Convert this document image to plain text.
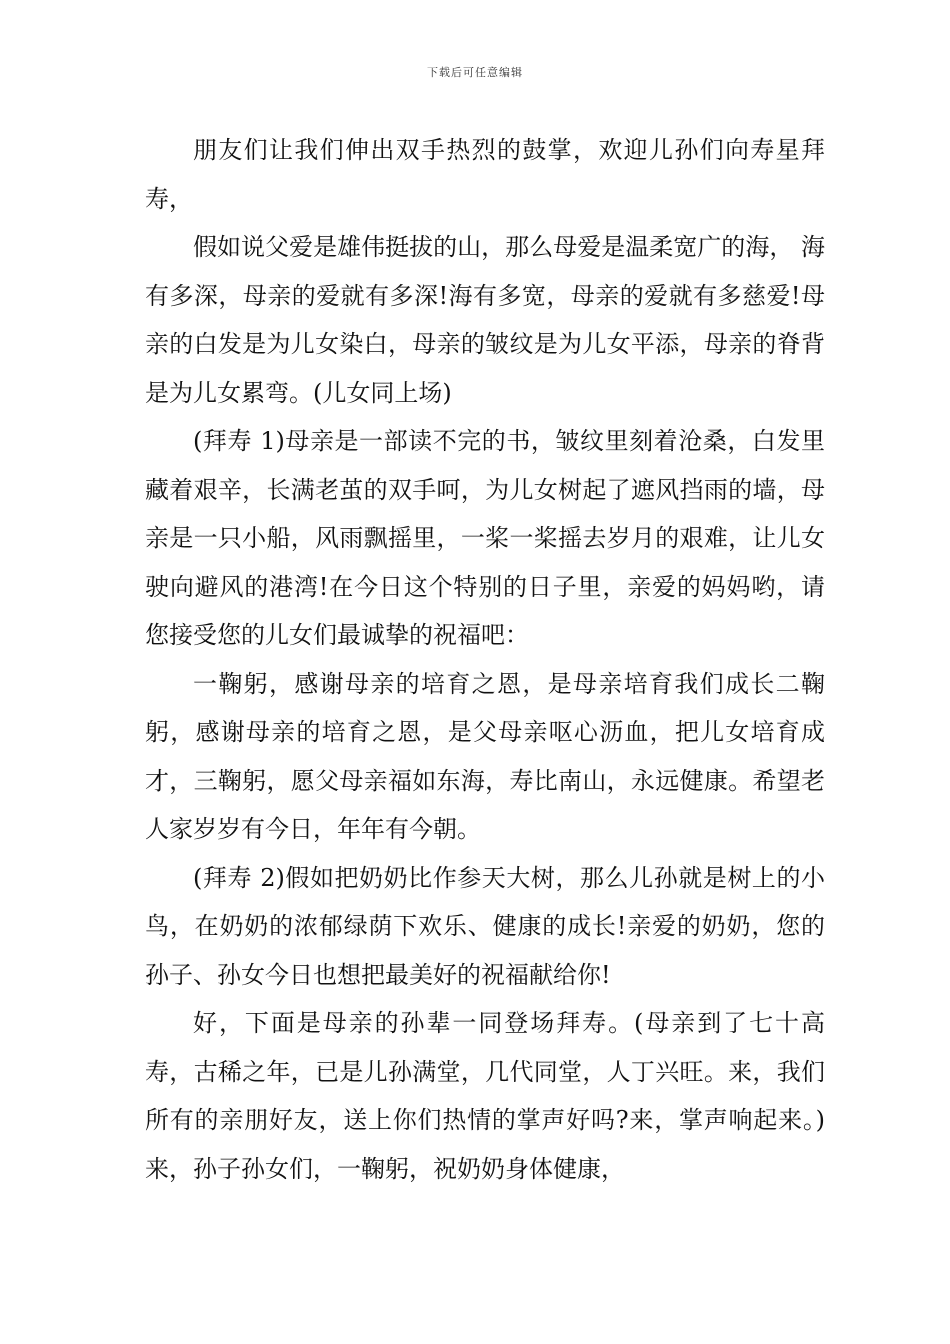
下载后可任意编辑

朋友们让我们伸出双手热烈的鼓掌，欢迎儿孙们向寿星拜寿，

假如说父爱是雄伟挺拔的山，那么母爱是温柔宽广的海， 海有多深，母亲的爱就有多深!海有多宽，母亲的爱就有多慈爱!母亲的白发是为儿女染白，母亲的皱纹是为儿女平添，母亲的脊背是为儿女累弯。(儿女同上场)

(拜寿 1)母亲是一部读不完的书，皱纹里刻着沧桑，白发里藏着艰辛，长满老茧的双手呵，为儿女树起了遮风挡雨的墙，母亲是一只小船，风雨飘摇里，一桨一桨摇去岁月的艰难，让儿女驶向避风的港湾!在今日这个特别的日子里，亲爱的妈妈哟，请您接受您的儿女们最诚挚的祝福吧：

一鞠躬，感谢母亲的培育之恩，是母亲培育我们成长二鞠躬，感谢母亲的培育之恩，是父母亲呕心沥血，把儿女培育成才，三鞠躬，愿父母亲福如东海，寿比南山，永远健康。希望老人家岁岁有今日，年年有今朝。

(拜寿 2)假如把奶奶比作参天大树，那么儿孙就是树上的小鸟，在奶奶的浓郁绿荫下欢乐、健康的成长!亲爱的奶奶，您的孙子、孙女今日也想把最美好的祝福献给你!

好，下面是母亲的孙辈一同登场拜寿。(母亲到了七十高寿，古稀之年，已是儿孙满堂，几代同堂，人丁兴旺。来，我们所有的亲朋好友，送上你们热情的掌声好吗?来，掌声响起来。)来，孙子孙女们，一鞠躬，祝奶奶身体健康，
